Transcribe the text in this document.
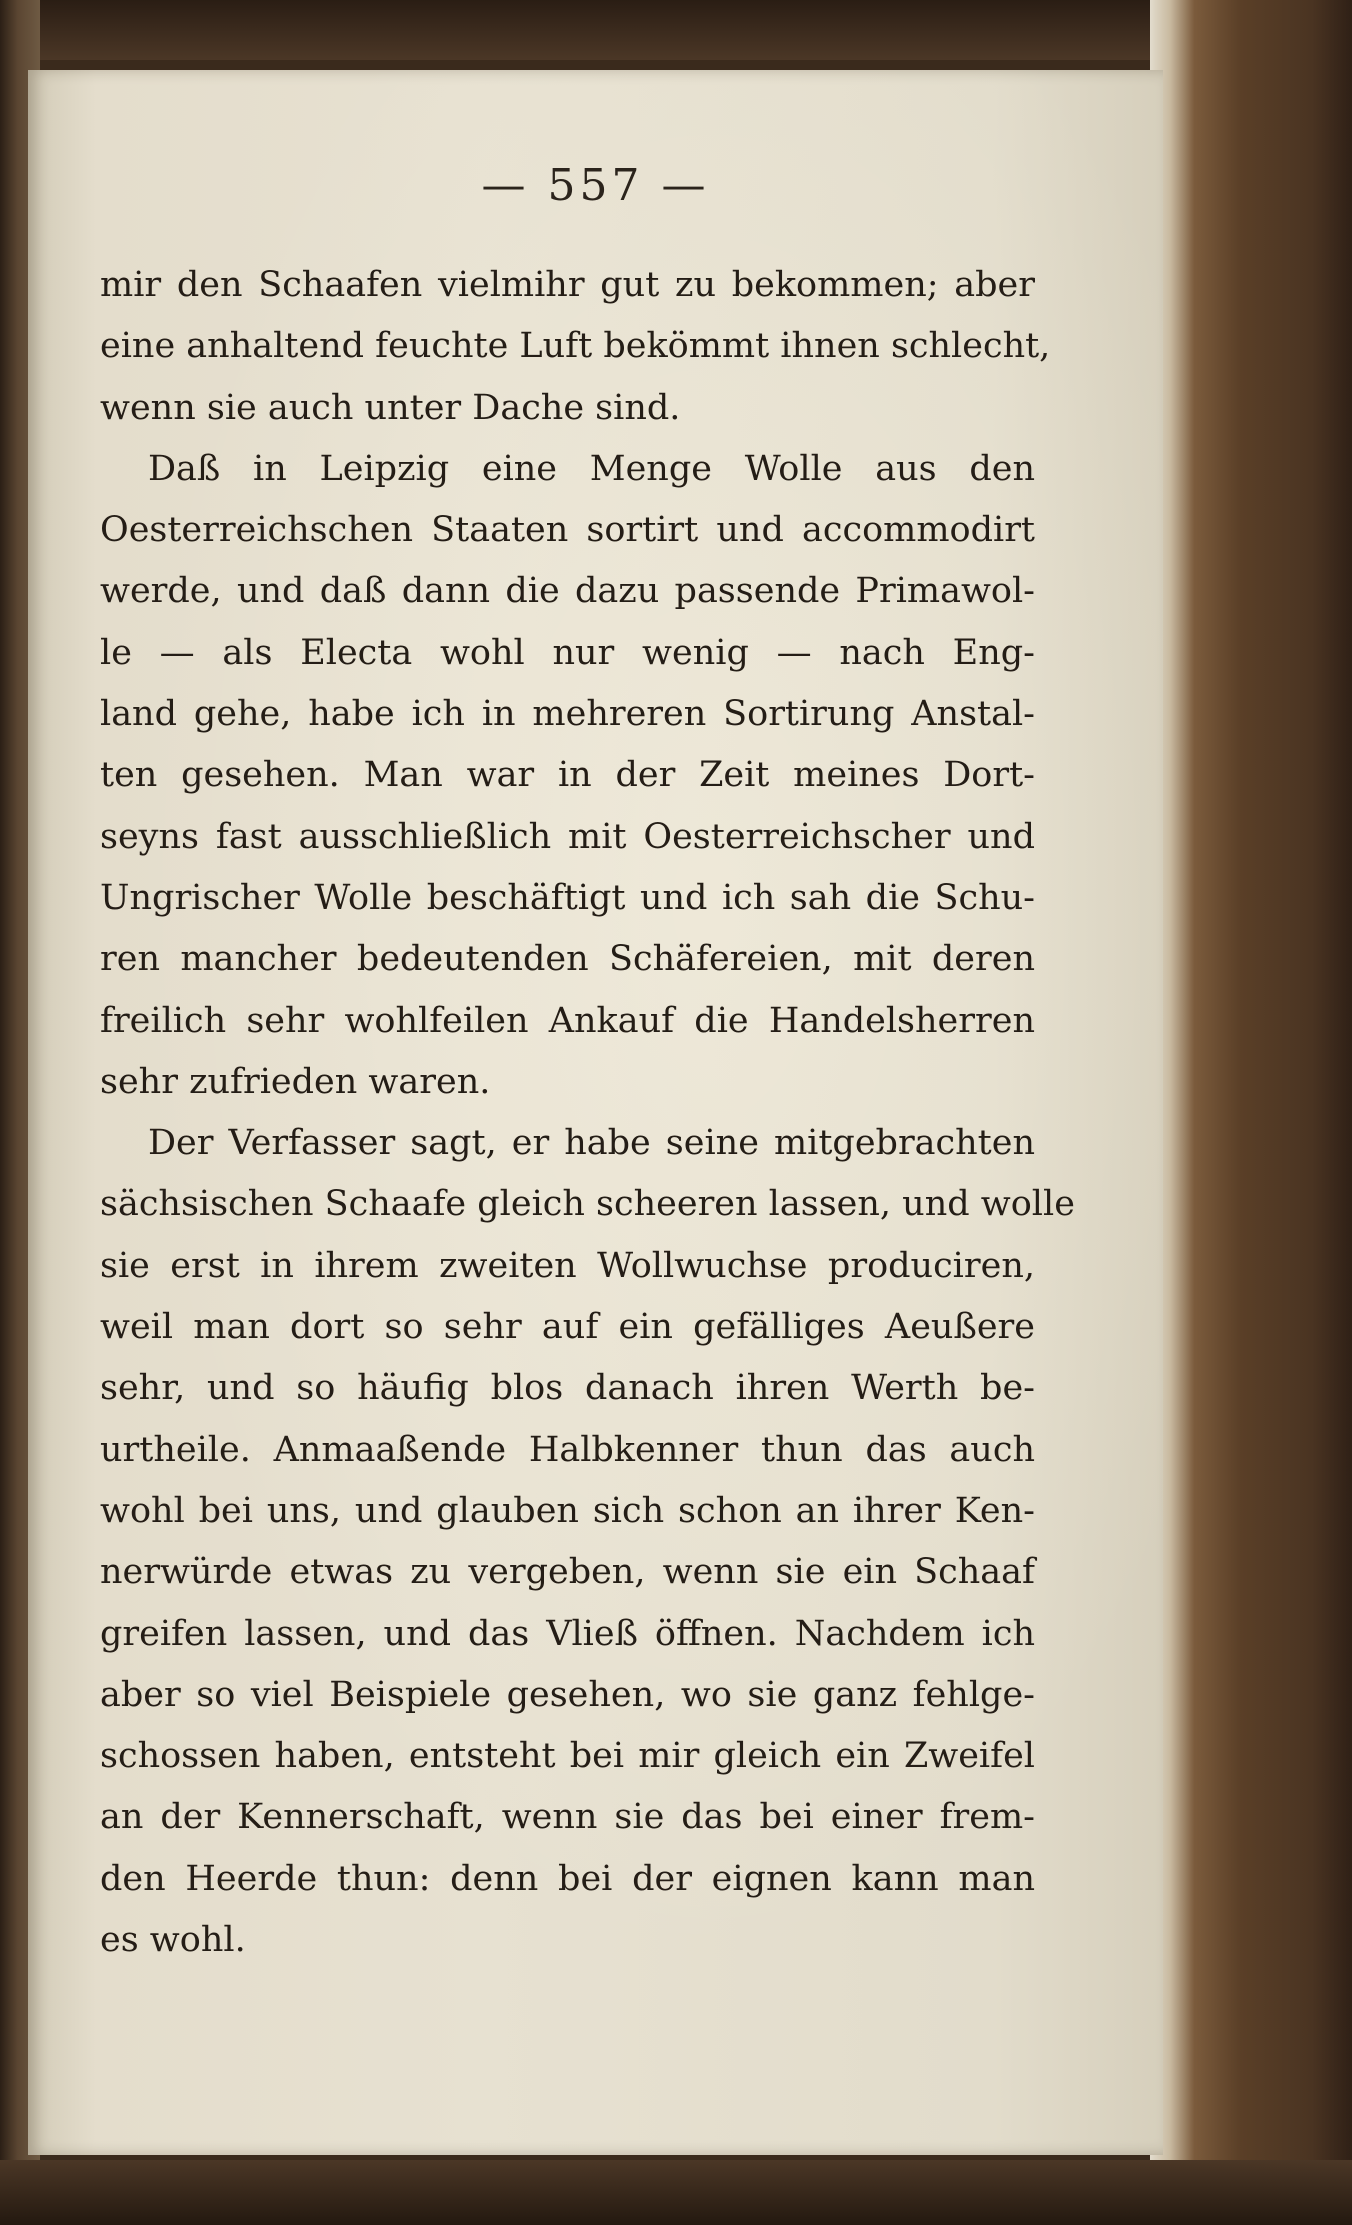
— 557 —
mir den Schaafen vielmihr gut zu bekommen; aber
eine anhaltend feuchte Luft bekömmt ihnen schlecht,
wenn sie auch unter Dache sind.
Daß in Leipzig eine Menge Wolle aus den
Oesterreichschen Staaten sortirt und accommodirt
werde, und daß dann die dazu passende Primawol-
le — als Electa wohl nur wenig — nach Eng-
land gehe, habe ich in mehreren Sortirung Anstal-
ten gesehen. Man war in der Zeit meines Dort-
seyns fast ausschließlich mit Oesterreichscher und
Ungrischer Wolle beschäftigt und ich sah die Schu-
ren mancher bedeutenden Schäfereien, mit deren
freilich sehr wohlfeilen Ankauf die Handelsherren
sehr zufrieden waren.
Der Verfasser sagt, er habe seine mitgebrachten
sächsischen Schaafe gleich scheeren lassen, und wolle
sie erst in ihrem zweiten Wollwuchse produciren,
weil man dort so sehr auf ein gefälliges Aeußere
sehr, und so häufig blos danach ihren Werth be-
urtheile. Anmaaßende Halbkenner thun das auch
wohl bei uns, und glauben sich schon an ihrer Ken-
nerwürde etwas zu vergeben, wenn sie ein Schaaf
greifen lassen, und das Vließ öffnen. Nachdem ich
aber so viel Beispiele gesehen, wo sie ganz fehlge-
schossen haben, entsteht bei mir gleich ein Zweifel
an der Kennerschaft, wenn sie das bei einer frem-
den Heerde thun: denn bei der eignen kann man
es wohl.
